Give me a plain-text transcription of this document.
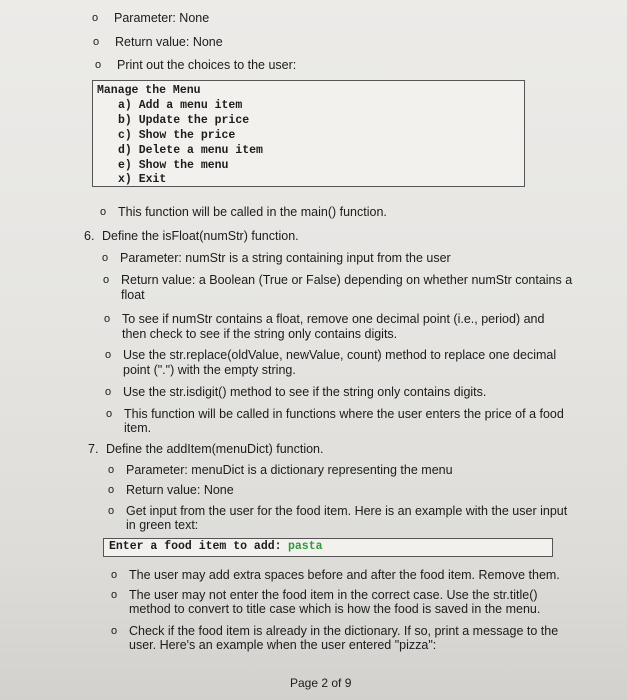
o Parameter: None
o Return value: None
o Print out the choices to the user:
Manage the Menu
a) Add a menu item
b) Update the price
c) Show the price
d) Delete a menu item
e) Show the menu
x) Exit
o This function will be called in the main() function.
6. Define the isFloat(numStr) function.
o Parameter: numStr is a string containing input from the user
o Return value: a Boolean (True or False) depending on whether numStr contains a
float
o To see if numStr contains a float, remove one decimal point (i.e., period) and
then check to see if the string only contains digits.
o Use the str.replace(oldValue, newValue, count) method to replace one decimal
point (".") with the empty string.
o Use the str.isdigit() method to see if the string only contains digits.
o This function will be called in functions where the user enters the price of a food
item.
7. Define the addItem(menuDict) function.
o Parameter: menuDict is a dictionary representing the menu
o Return value: None
o Get input from the user for the food item. Here is an example with the user input
in green text:
Enter a food item to add: pasta
o The user may add extra spaces before and after the food item. Remove them.
o The user may not enter the food item in the correct case. Use the str.title()
method to convert to title case which is how the food is saved in the menu.
o Check if the food item is already in the dictionary. If so, print a message to the
user. Here's an example when the user entered "pizza":
Page 2 of 9
